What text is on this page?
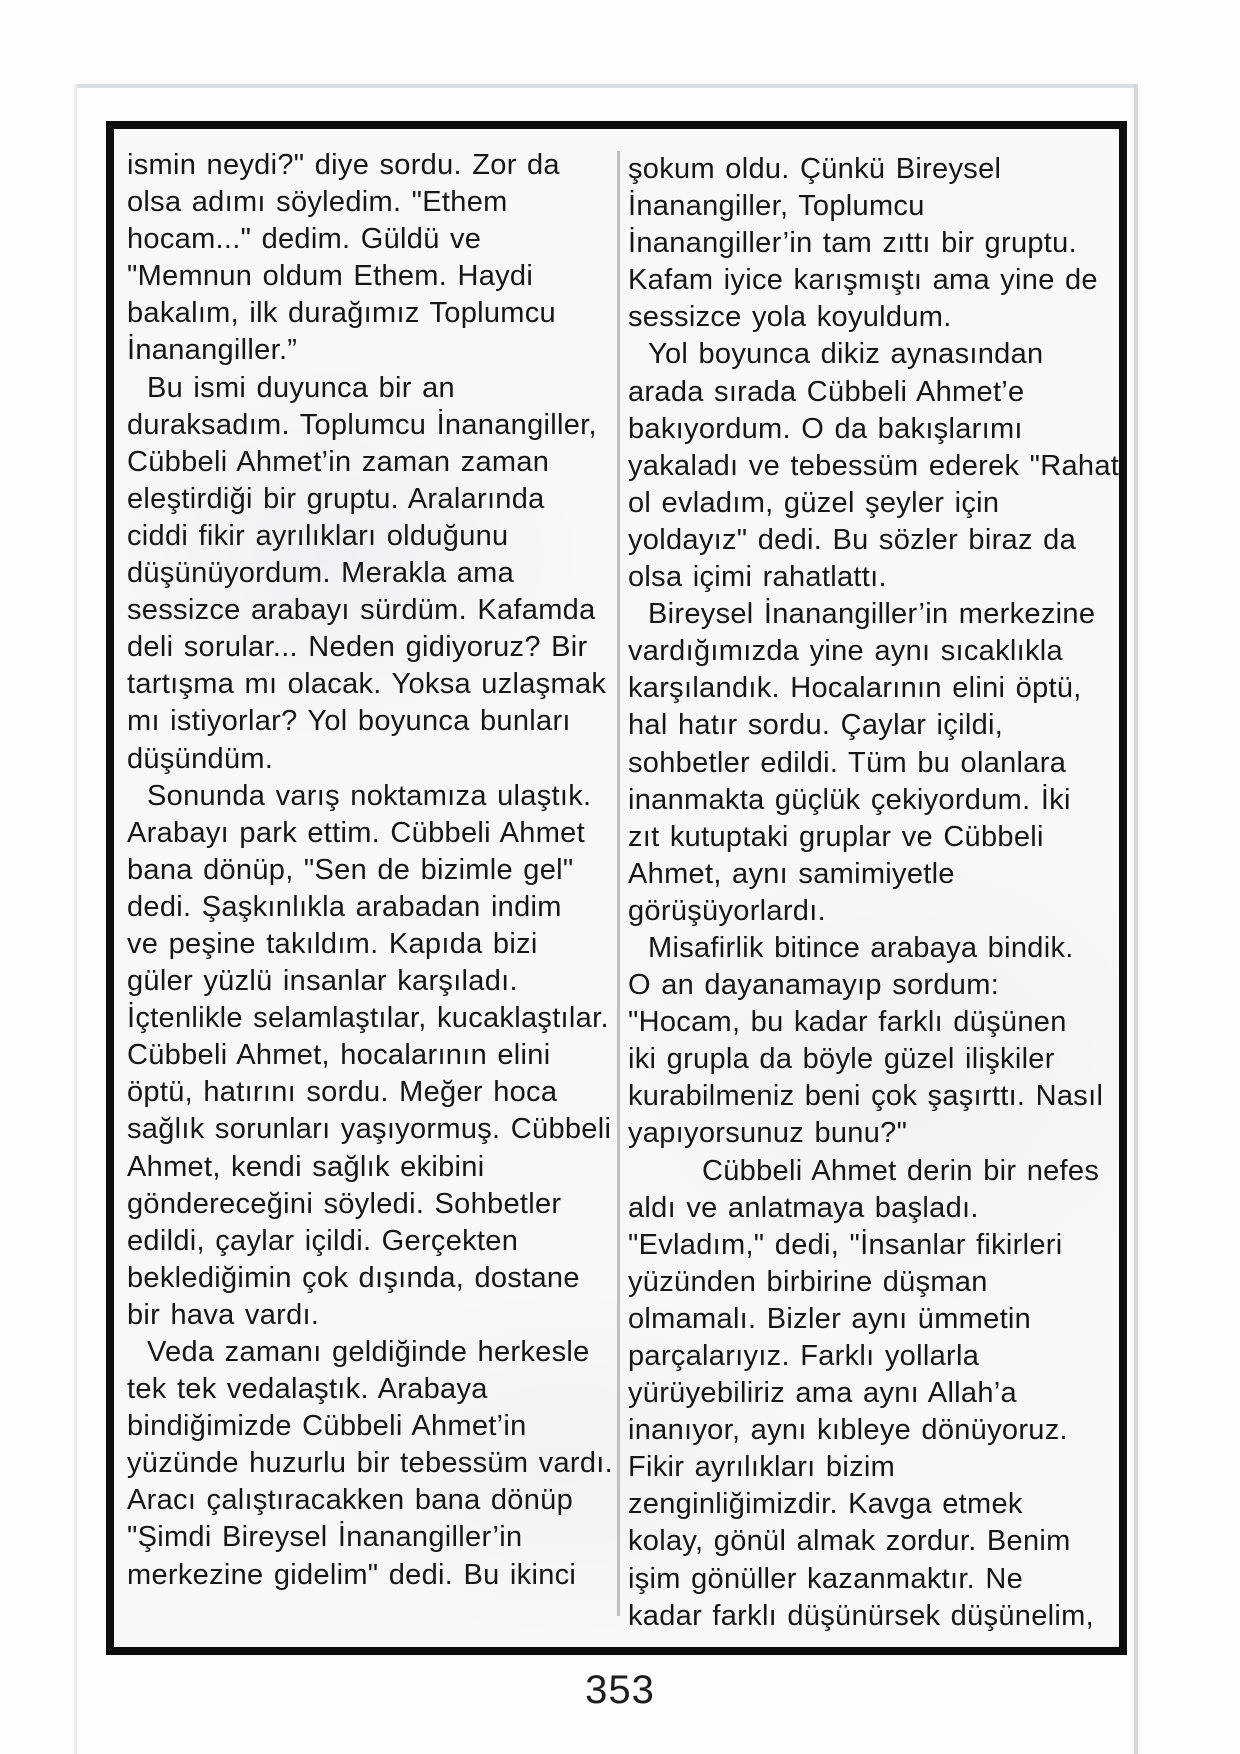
ismin neydi?" diye sordu. Zor da
olsa adımı söyledim. "Ethem
hocam..." dedim. Güldü ve
"Memnun oldum Ethem. Haydi
bakalım, ilk durağımız Toplumcu
İnanangiller.”
Bu ismi duyunca bir an
duraksadım. Toplumcu İnanangiller,
Cübbeli Ahmet’in zaman zaman
eleştirdiği bir gruptu. Aralarında
ciddi fikir ayrılıkları olduğunu
düşünüyordum. Merakla ama
sessizce arabayı sürdüm. Kafamda
deli sorular... Neden gidiyoruz? Bir
tartışma mı olacak. Yoksa uzlaşmak
mı istiyorlar? Yol boyunca bunları
düşündüm.
Sonunda varış noktamıza ulaştık.
Arabayı park ettim. Cübbeli Ahmet
bana dönüp, "Sen de bizimle gel"
dedi. Şaşkınlıkla arabadan indim
ve peşine takıldım. Kapıda bizi
güler yüzlü insanlar karşıladı.
İçtenlikle selamlaştılar, kucaklaştılar.
Cübbeli Ahmet, hocalarının elini
öptü, hatırını sordu. Meğer hoca
sağlık sorunları yaşıyormuş. Cübbeli
Ahmet, kendi sağlık ekibini
göndereceğini söyledi. Sohbetler
edildi, çaylar içildi. Gerçekten
beklediğimin çok dışında, dostane
bir hava vardı.
Veda zamanı geldiğinde herkesle
tek tek vedalaştık. Arabaya
bindiğimizde Cübbeli Ahmet’in
yüzünde huzurlu bir tebessüm vardı.
Aracı çalıştıracakken bana dönüp
"Şimdi Bireysel İnanangiller’in
merkezine gidelim" dedi. Bu ikinci
şokum oldu. Çünkü Bireysel
İnanangiller, Toplumcu
İnanangiller’in tam zıttı bir gruptu.
Kafam iyice karışmıştı ama yine de
sessizce yola koyuldum.
Yol boyunca dikiz aynasından
arada sırada Cübbeli Ahmet’e
bakıyordum. O da bakışlarımı
yakaladı ve tebessüm ederek "Rahat
ol evladım, güzel şeyler için
yoldayız" dedi. Bu sözler biraz da
olsa içimi rahatlattı.
Bireysel İnanangiller’in merkezine
vardığımızda yine aynı sıcaklıkla
karşılandık. Hocalarının elini öptü,
hal hatır sordu. Çaylar içildi,
sohbetler edildi. Tüm bu olanlara
inanmakta güçlük çekiyordum. İki
zıt kutuptaki gruplar ve Cübbeli
Ahmet, aynı samimiyetle
görüşüyorlardı.
Misafirlik bitince arabaya bindik.
O an dayanamayıp sordum:
"Hocam, bu kadar farklı düşünen
iki grupla da böyle güzel ilişkiler
kurabilmeniz beni çok şaşırttı. Nasıl
yapıyorsunuz bunu?"
Cübbeli Ahmet derin bir nefes
aldı ve anlatmaya başladı.
"Evladım," dedi, "İnsanlar fikirleri
yüzünden birbirine düşman
olmamalı. Bizler aynı ümmetin
parçalarıyız. Farklı yollarla
yürüyebiliriz ama aynı Allah’a
inanıyor, aynı kıbleye dönüyoruz.
Fikir ayrılıkları bizim
zenginliğimizdir. Kavga etmek
kolay, gönül almak zordur. Benim
işim gönüller kazanmaktır. Ne
kadar farklı düşünürsek düşünelim,
353
